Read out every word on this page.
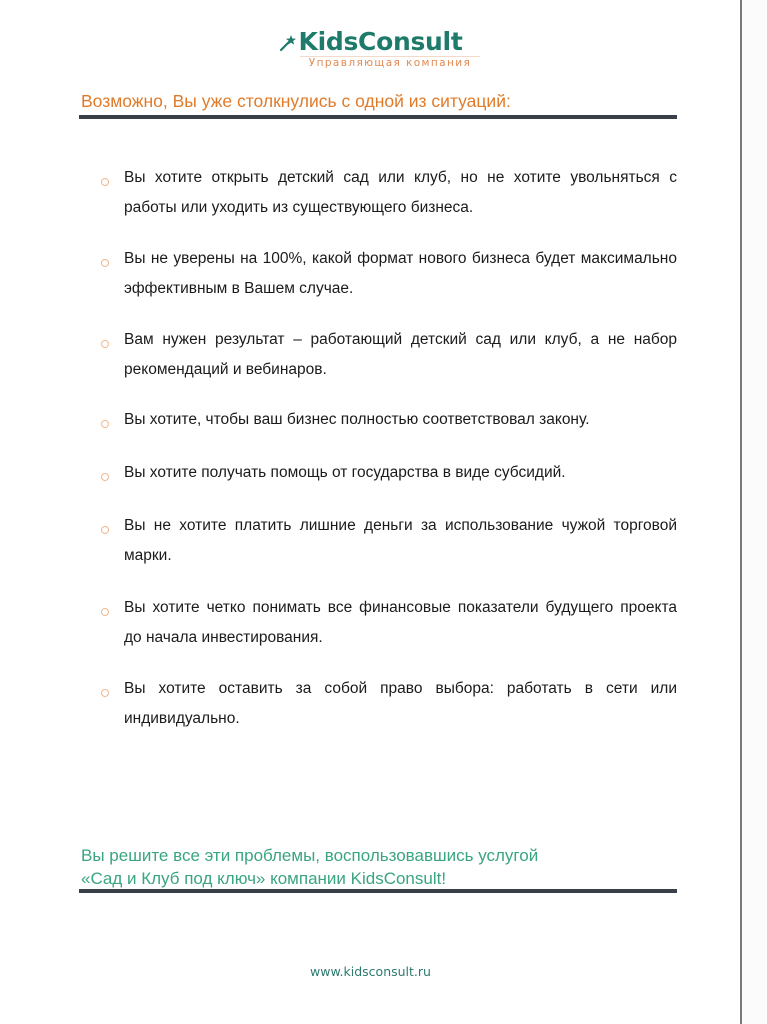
KidsConsult
Управляющая компания
Возможно, Вы уже столкнулись с одной из ситуаций:
Вы хотите открыть детский сад или клуб, но не хотите увольняться с работы или уходить из существующего бизнеса.
Вы не уверены на 100%, какой формат нового бизнеса будет максимально эффективным в Вашем случае.
Вам нужен результат – работающий детский сад или клуб, а не набор рекомендаций и вебинаров.
Вы хотите, чтобы ваш бизнес полностью соответствовал закону.
Вы хотите получать помощь от государства в виде субсидий.
Вы не хотите платить лишние деньги за использование чужой торговой марки.
Вы хотите четко понимать все финансовые показатели будущего проекта до начала инвестирования.
Вы хотите оставить за собой право выбора: работать в сети или индивидуально.
Вы решите все эти проблемы, воспользовавшись услугой
«Сад и Клуб под ключ» компании KidsConsult!
www.kidsconsult.ru
